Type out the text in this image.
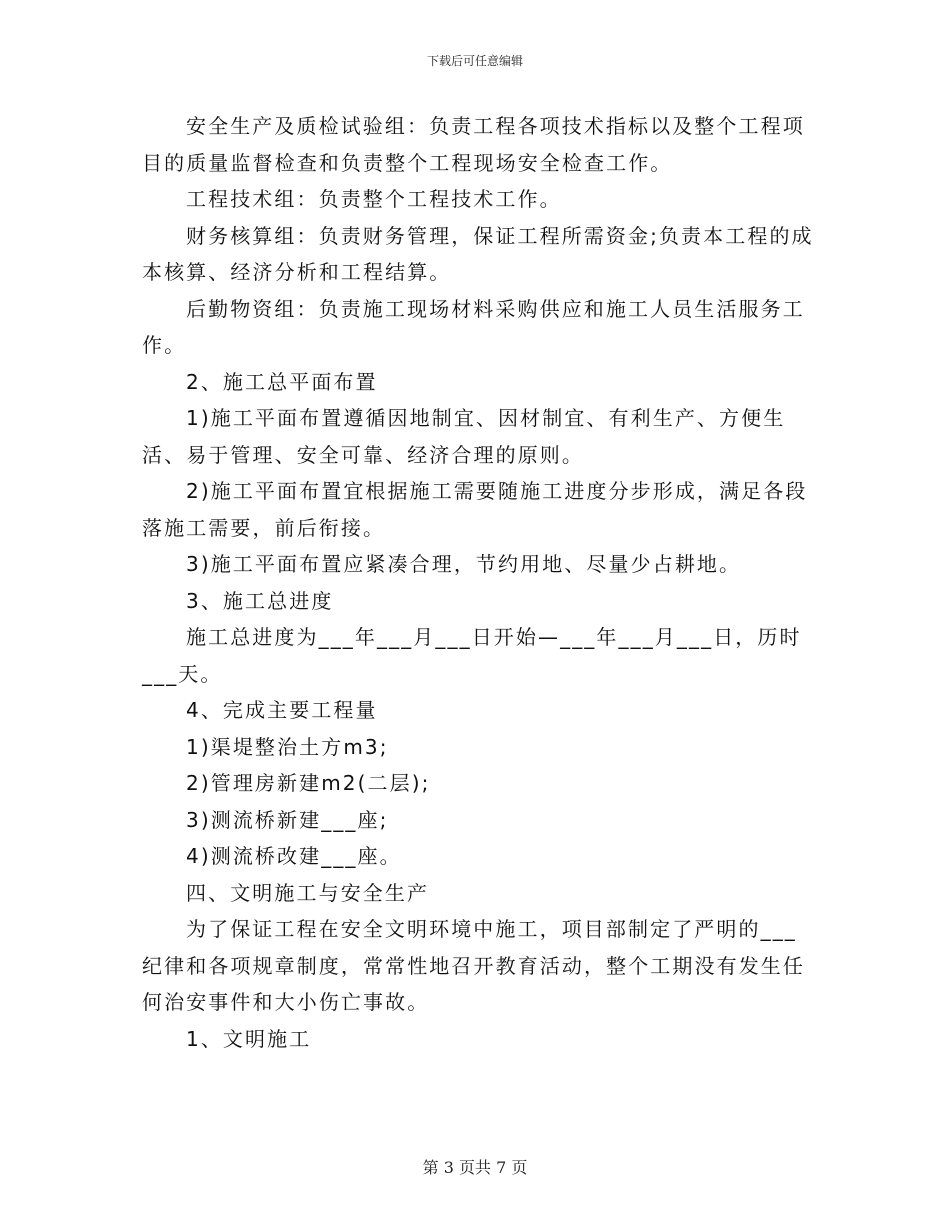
下载后可任意编辑

安全生产及质检试验组：负责工程各项技术指标以及整个工程项目的质量监督检查和负责整个工程现场安全检查工作。

工程技术组：负责整个工程技术工作。

财务核算组：负责财务管理，保证工程所需资金;负责本工程的成本核算、经济分析和工程结算。

后勤物资组：负责施工现场材料采购供应和施工人员生活服务工作。

2、施工总平面布置

1)施工平面布置遵循因地制宜、因材制宜、有利生产、方便生活、易于管理、安全可靠、经济合理的原则。

2)施工平面布置宜根据施工需要随施工进度分步形成，满足各段落施工需要，前后衔接。

3)施工平面布置应紧凑合理，节约用地、尽量少占耕地。

3、施工总进度

施工总进度为___年___月___日开始—___年___月___日，历时___天。

4、完成主要工程量

1)渠堤整治土方m3;

2)管理房新建m2(二层);

3)测流桥新建___座;

4)测流桥改建___座。

四、文明施工与安全生产

为了保证工程在安全文明环境中施工，项目部制定了严明的___纪律和各项规章制度，常常性地召开教育活动，整个工期没有发生任何治安事件和大小伤亡事故。

1、文明施工

第 3 页共 7 页
